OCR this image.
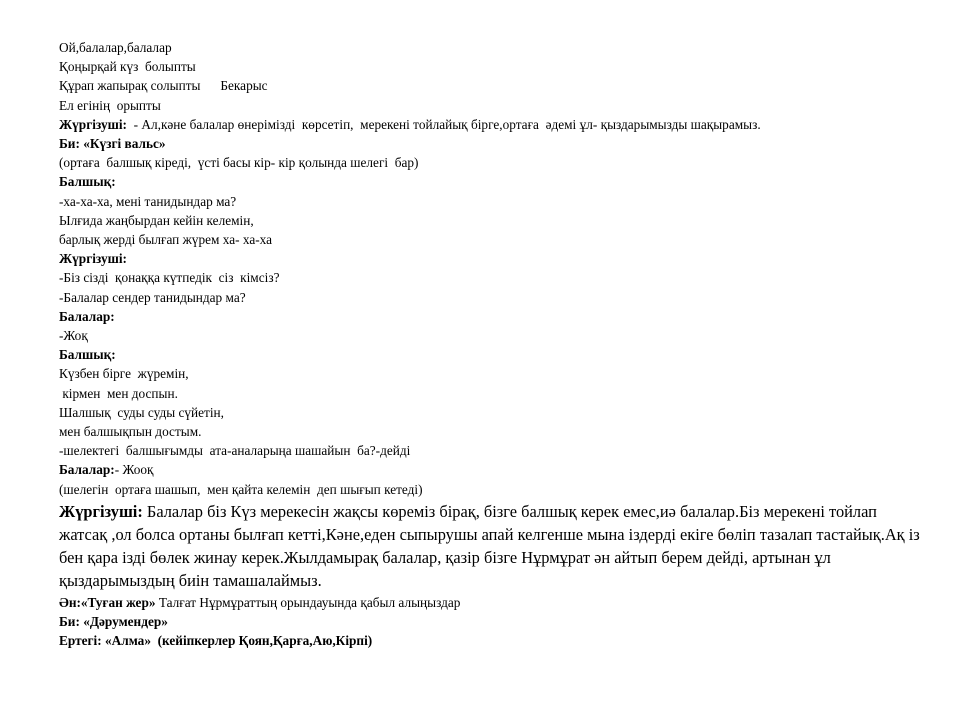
Ой,балалар,балалар
Қоңырқай күз  болыпты
Құрап жапырақ солыпты      Бекарыс
Ел егінің  орыпты
Жүргізуші:  - Ал,кәне балалар өнерімізді  көрсетіп,  мерекені тойлайық бірге,ортаға  әдемі ұл- қыздарымызды шақырамыз.
Би: «Күзгі вальс»
(ортаға  балшық кіреді,  үсті басы кір- кір қолында шелегі  бар)
Балшық:
-ха-ха-ха, мені танидындар ма?
Ылғида жаңбырдан кейін келемін,
барлық жерді былғап жүрем ха- ха-ха
Жүргізуші:
-Біз сізді  қонаққа күтпедік  сіз  кімсіз?
-Балалар сендер танидындар ма?
Балалар:
-Жоқ
Балшық:
Күзбен бірге  жүремін,
кірмен  мен доспын.
Шалшық  суды суды сүйетін,
мен балшықпын достым.
-шелектегі  балшығымды  ата-аналарыңа шашайын  ба?-дейді
Балалар:- Жооқ
(шелегін  ортаға шашып,  мен қайта келемін  деп шығып кетеді)

Жүргізуші: Балалар біз Күз мерекесін жақсы көреміз бірақ, бізге балшық керек емес,иә балалар.Біз мерекені тойлап жатсақ ,ол болса ортаны былғап кетті,Кәне,еден сыпырушы апай келгенше мына іздерді екіге бөліп тазалап тастайық.Ақ із бен қара ізді бөлек жинау керек.Жылдамырақ балалар, қазір бізге Нұрмұрат ән айтып берем дейді, артынан ұл қыздарымыздың биін тамашалаймыз.

Ән:«Туған жер» Талғат Нұрмұраттың орындауында қабыл алыңыздар
Би: «Дәрумендер»
Ертегі: «Алма»  (кейіпкерлер Қоян,Қарға,Аю,Кірпі)
